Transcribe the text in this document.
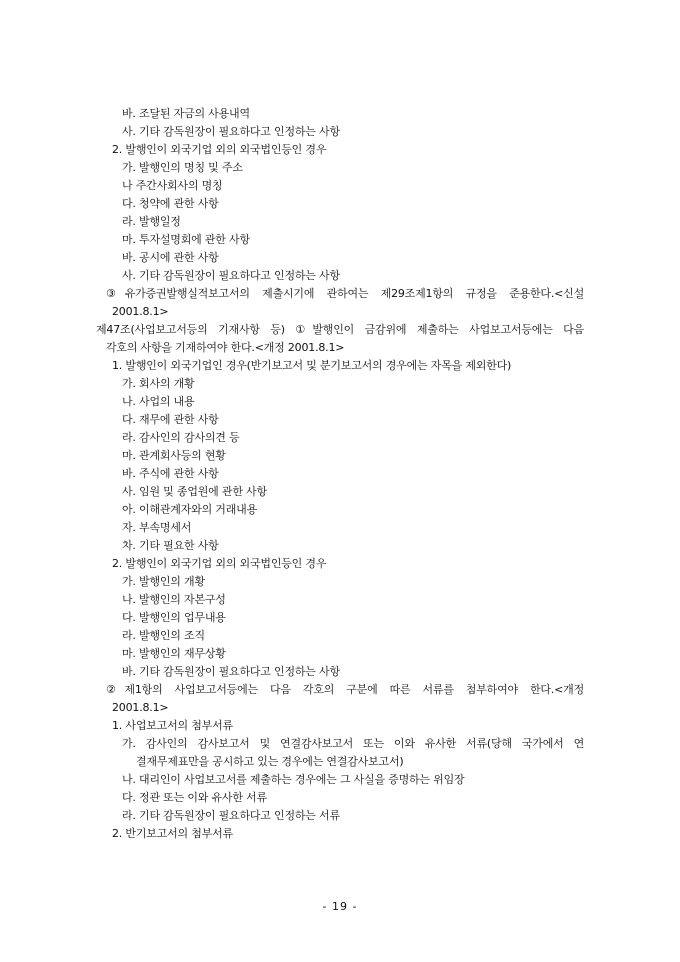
바. 조달된 자금의 사용내역
사. 기타 감독원장이 필요하다고 인정하는 사항
2. 발행인이 외국기업 외의 외국법인등인 경우
가. 발행인의 명칭 및 주소
나 주간사회사의 명칭
다. 청약에 관한 사항
라. 발행일정
마. 투자설명회에 관한 사항
바. 공시에 관한 사항
사. 기타 감독원장이 필요하다고 인정하는 사항
③유가증권발행실적보고서의 제출시기에 관하여는 제29조제1항의 규정을 준용한다.<신설
2001.8.1>
제47조(사업보고서등의 기재사항 등) ①발행인이 금감위에 제출하는 사업보고서등에는 다음
각호의 사항을 기재하여야 한다.<개정 2001.8.1>
1. 발행인이 외국기업인 경우(반기보고서 및 분기보고서의 경우에는 자목을 제외한다)
가. 회사의 개황
나. 사업의 내용
다. 재무에 관한 사항
라. 감사인의 감사의견 등
마. 관계회사등의 현황
바. 주식에 관한 사항
사. 임원 및 종업원에 관한 사항
아. 이해관계자와의 거래내용
자. 부속명세서
차. 기타 필요한 사항
2. 발행인이 외국기업 외의 외국법인등인 경우
가. 발행인의 개황
나. 발행인의 자본구성
다. 발행인의 업무내용
라. 발행인의 조직
마. 발행인의 재무상황
바. 기타 감독원장이 필요하다고 인정하는 사항
②제1항의 사업보고서등에는 다음 각호의 구분에 따른 서류를 첨부하여야 한다.<개정
2001.8.1>
1. 사업보고서의 첨부서류
가. 감사인의 감사보고서 및 연결감사보고서 또는 이와 유사한 서류(당해 국가에서 연
결재무제표만을 공시하고 있는 경우에는 연결감사보고서)
나. 대리인이 사업보고서를 제출하는 경우에는 그 사실을 증명하는 위임장
다. 정관 또는 이와 유사한 서류
라. 기타 감독원장이 필요하다고 인정하는 서류
2. 반기보고서의 첨부서류
- 19 -
